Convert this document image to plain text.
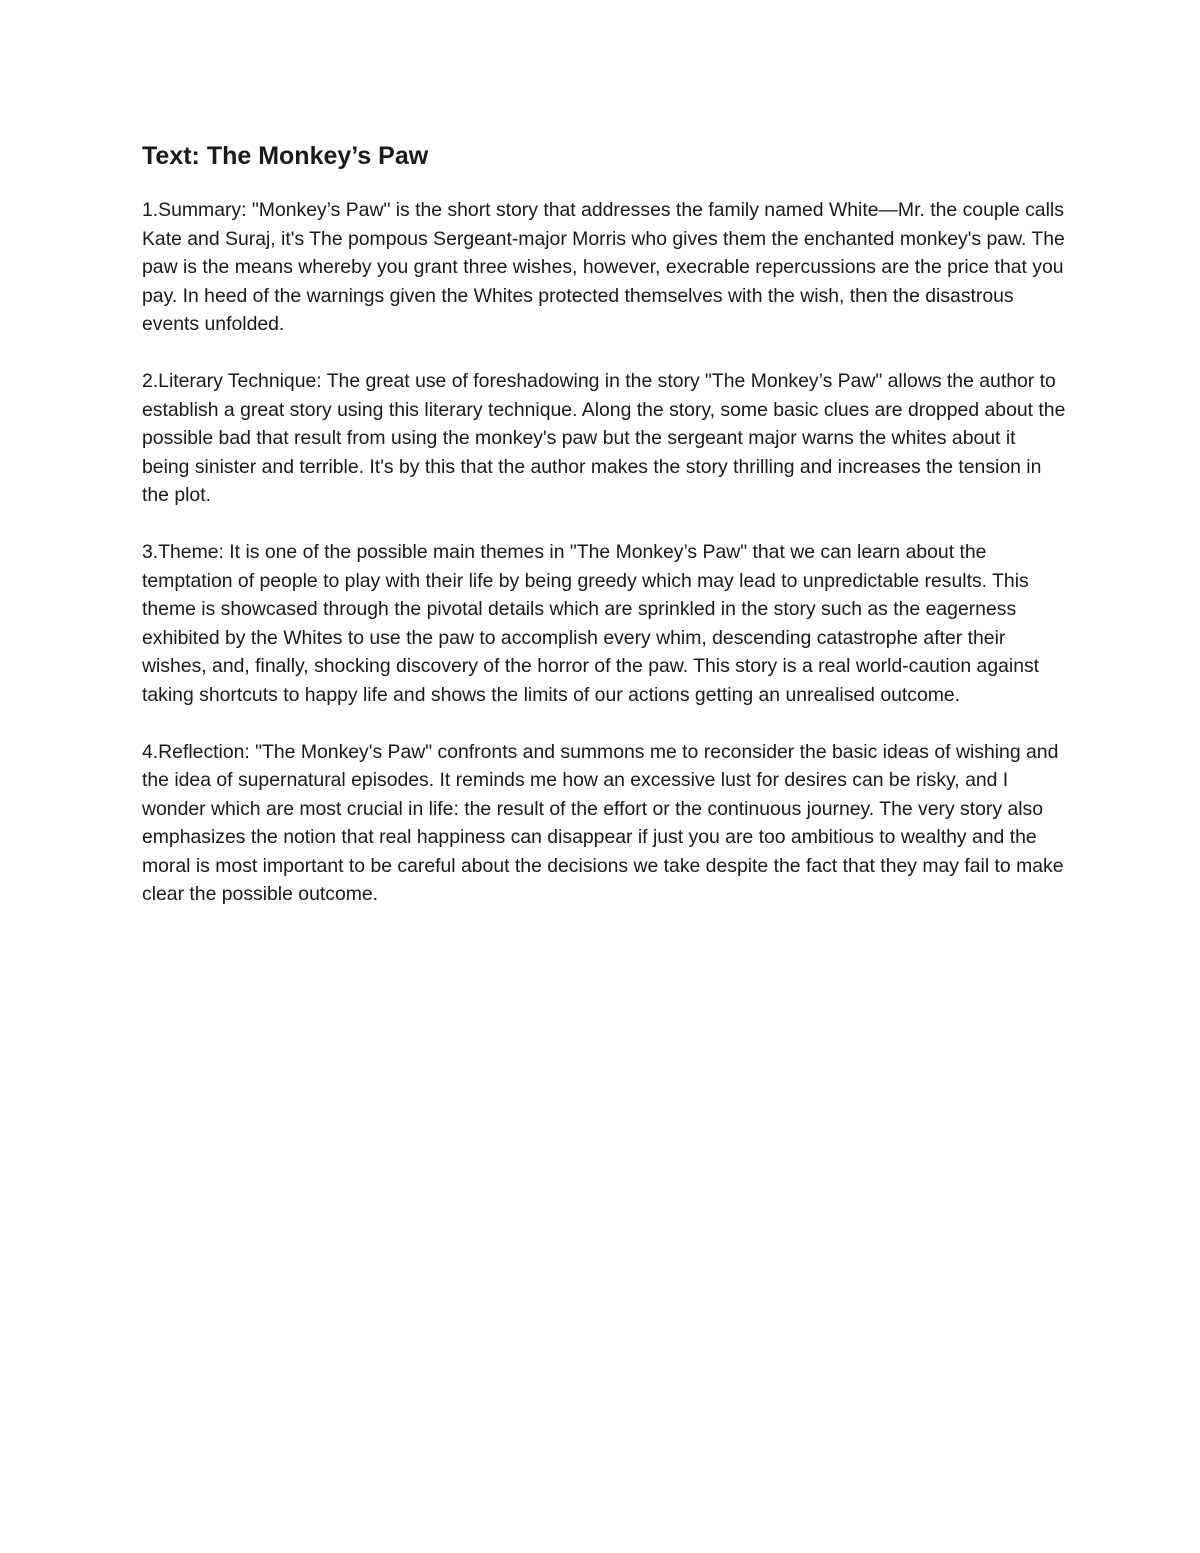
Text: The Monkey’s Paw

1.Summary: "Monkey’s Paw" is the short story that addresses the family named White—Mr. the couple calls Kate and Suraj, it's The pompous Sergeant-major Morris who gives them the enchanted monkey's paw. The paw is the means whereby you grant three wishes, however, execrable repercussions are the price that you pay. In heed of the warnings given the Whites protected themselves with the wish, then the disastrous events unfolded.

2.Literary Technique: The great use of foreshadowing in the story "The Monkey’s Paw" allows the author to establish a great story using this literary technique. Along the story, some basic clues are dropped about the possible bad that result from using the monkey's paw but the sergeant major warns the whites about it being sinister and terrible. It's by this that the author makes the story thrilling and increases the tension in the plot.

3.Theme: It is one of the possible main themes in "The Monkey’s Paw" that we can learn about the temptation of people to play with their life by being greedy which may lead to unpredictable results. This theme is showcased through the pivotal details which are sprinkled in the story such as the eagerness exhibited by the Whites to use the paw to accomplish every whim, descending catastrophe after their wishes, and, finally, shocking discovery of the horror of the paw. This story is a real world-caution against taking shortcuts to happy life and shows the limits of our actions getting an unrealised outcome.

4.Reflection: "The Monkey's Paw" confronts and summons me to reconsider the basic ideas of wishing and the idea of supernatural episodes. It reminds me how an excessive lust for desires can be risky, and I wonder which are most crucial in life: the result of the effort or the continuous journey. The very story also emphasizes the notion that real happiness can disappear if just you are too ambitious to wealthy and the moral is most important to be careful about the decisions we take despite the fact that they may fail to make clear the possible outcome.
